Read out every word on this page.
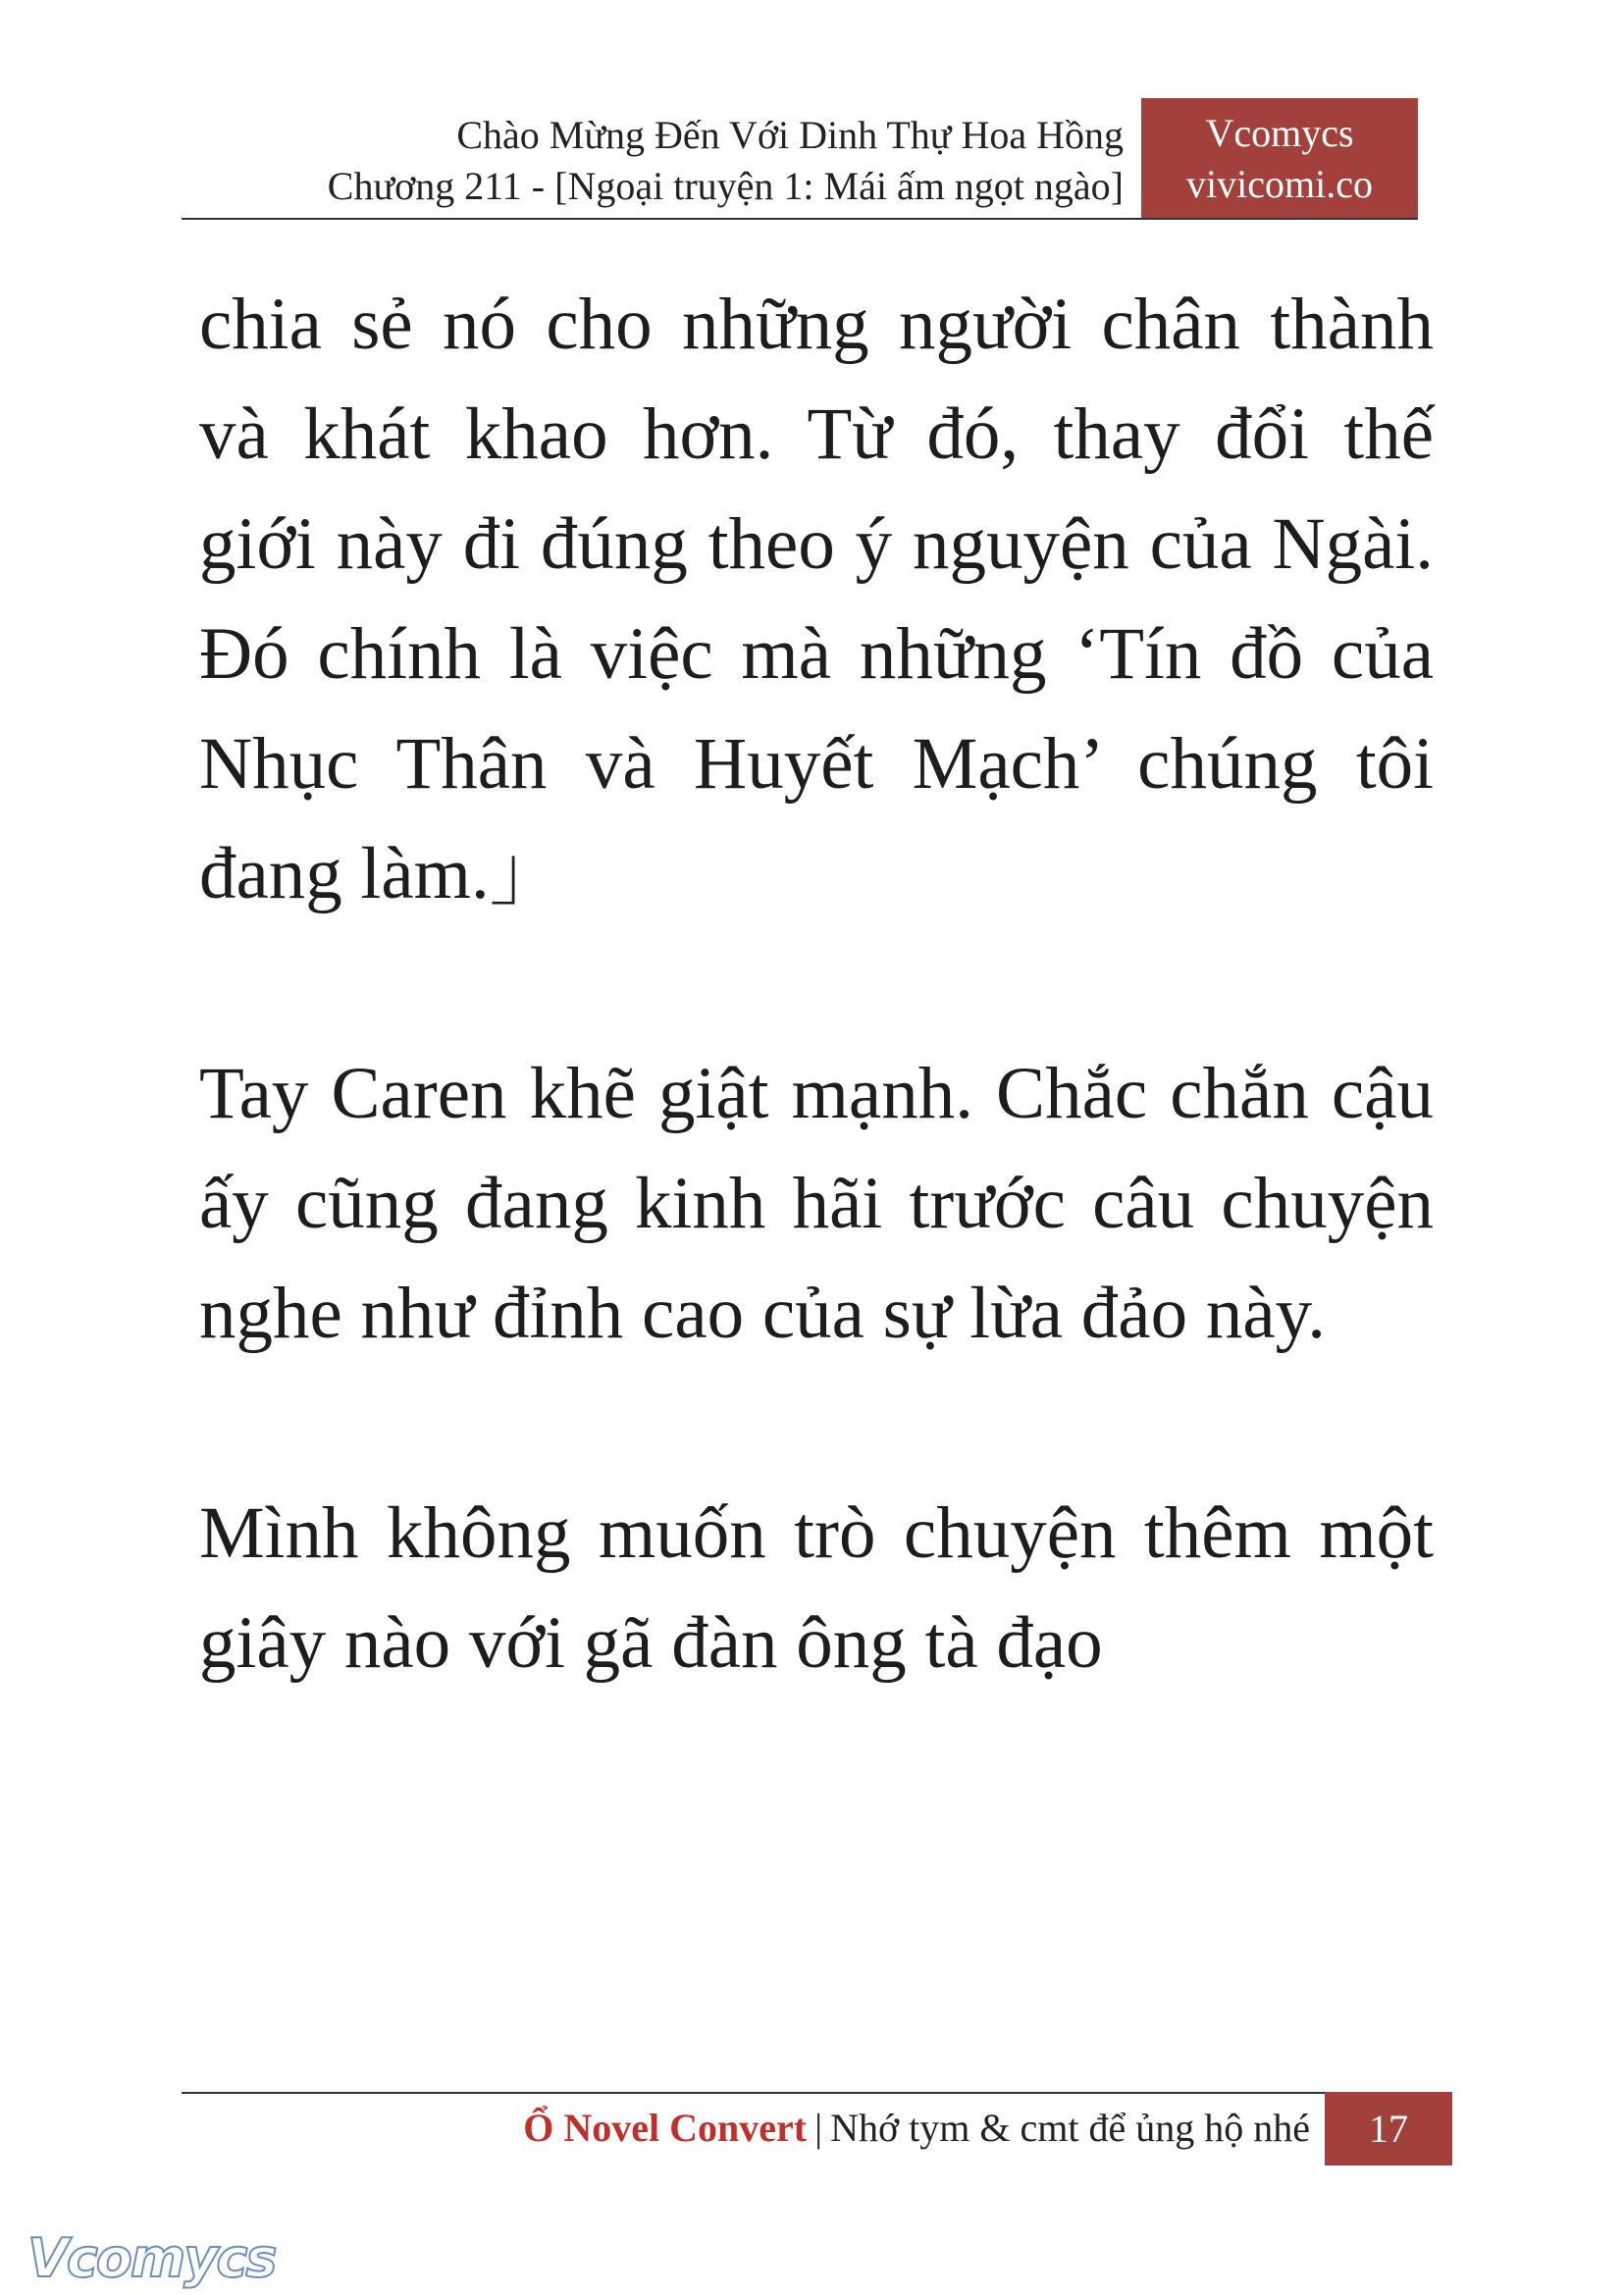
Chào Mừng Đến Với Dinh Thự Hoa Hồng
Chương 211 - [Ngoại truyện 1: Mái ấm ngọt ngào]
Vcomycs
vivicomi.co

chia sẻ nó cho những người chân thành và khát khao hơn. Từ đó, thay đổi thế giới này đi đúng theo ý nguyện của Ngài. Đó chính là việc mà những ‘Tín đồ của Nhục Thân và Huyết Mạch’ chúng tôi đang làm.」

Tay Caren khẽ giật mạnh. Chắc chắn cậu ấy cũng đang kinh hãi trước câu chuyện nghe như đỉnh cao của sự lừa đảo này.

Mình không muốn trò chuyện thêm một giây nào với gã đàn ông tà đạo

Ổ Novel Convert | Nhớ tym & cmt để ủng hộ nhé	17
Vcomycs
